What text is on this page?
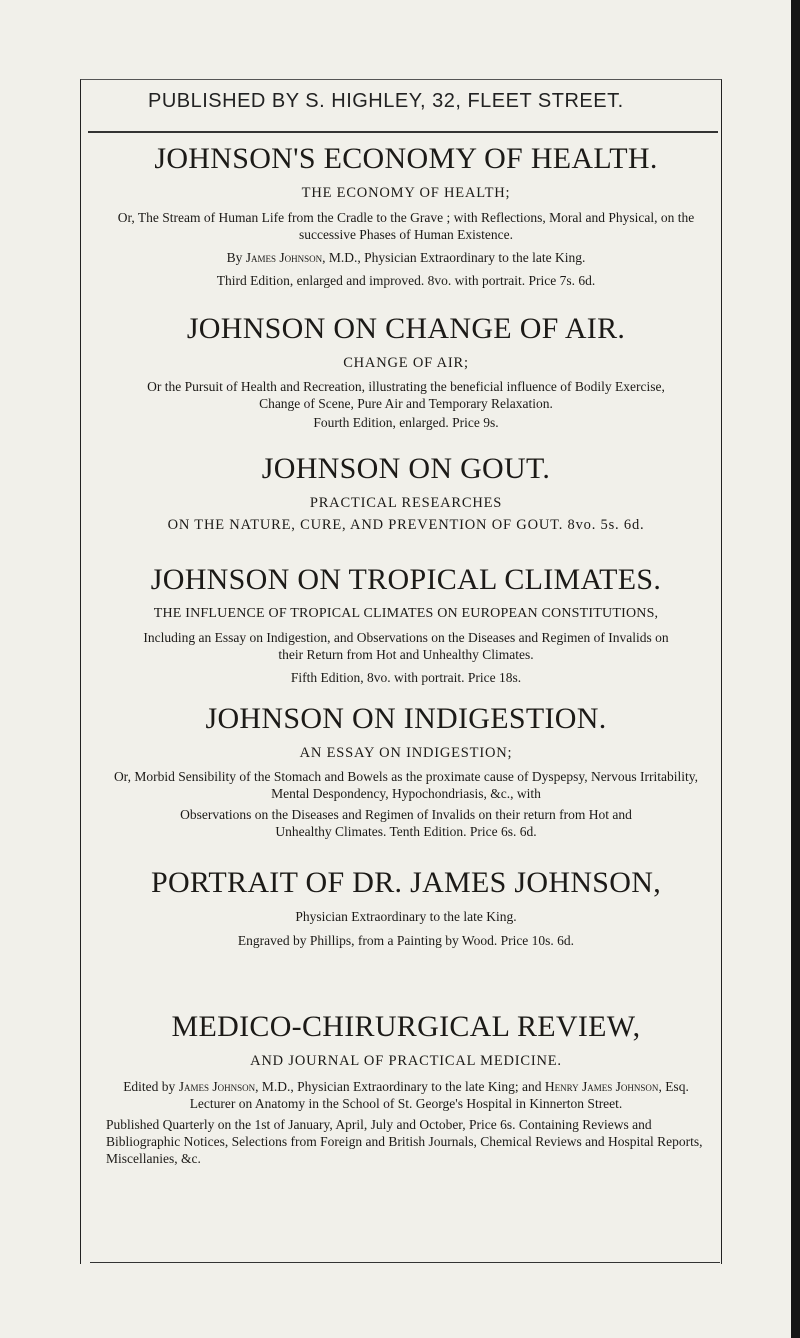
PUBLISHED BY S. HIGHLEY, 32, FLEET STREET.
JOHNSON'S ECONOMY OF HEALTH.
THE ECONOMY OF HEALTH;
Or, The Stream of Human Life from the Cradle to the Grave ; with Reflections, Moral and Physical, on the successive Phases of Human Existence.
By James Johnson, M.D., Physician Extraordinary to the late King.
Third Edition, enlarged and improved. 8vo. with portrait. Price 7s. 6d.
JOHNSON ON CHANGE OF AIR.
CHANGE OF AIR;
Or the Pursuit of Health and Recreation, illustrating the beneficial influence of Bodily Exercise, Change of Scene, Pure Air and Temporary Relaxation.
Fourth Edition, enlarged. Price 9s.
JOHNSON ON GOUT.
PRACTICAL RESEARCHES
ON THE NATURE, CURE, AND PREVENTION OF GOUT. 8vo. 5s. 6d.
JOHNSON ON TROPICAL CLIMATES.
THE INFLUENCE OF TROPICAL CLIMATES ON EUROPEAN CONSTITUTIONS,
Including an Essay on Indigestion, and Observations on the Diseases and Regimen of Invalids on their Return from Hot and Unhealthy Climates.
Fifth Edition, 8vo. with portrait. Price 18s.
JOHNSON ON INDIGESTION.
AN ESSAY ON INDIGESTION;
Or, Morbid Sensibility of the Stomach and Bowels as the proximate cause of Dyspepsy, Nervous Irritability, Mental Despondency, Hypochondriasis, &c., with
Observations on the Diseases and Regimen of Invalids on their return from Hot and Unhealthy Climates. Tenth Edition. Price 6s. 6d.
PORTRAIT OF DR. JAMES JOHNSON,
Physician Extraordinary to the late King.
Engraved by Phillips, from a Painting by Wood. Price 10s. 6d.
MEDICO-CHIRURGICAL REVIEW,
AND JOURNAL OF PRACTICAL MEDICINE.
Edited by James Johnson, M.D., Physician Extraordinary to the late King; and Henry James Johnson, Esq. Lecturer on Anatomy in the School of St. George's Hospital in Kinnerton Street.
Published Quarterly on the 1st of January, April, July and October, Price 6s. Containing Reviews and Bibliographic Notices, Selections from Foreign and British Journals, Chemical Reviews and Hospital Reports, Miscellanies, &c.
